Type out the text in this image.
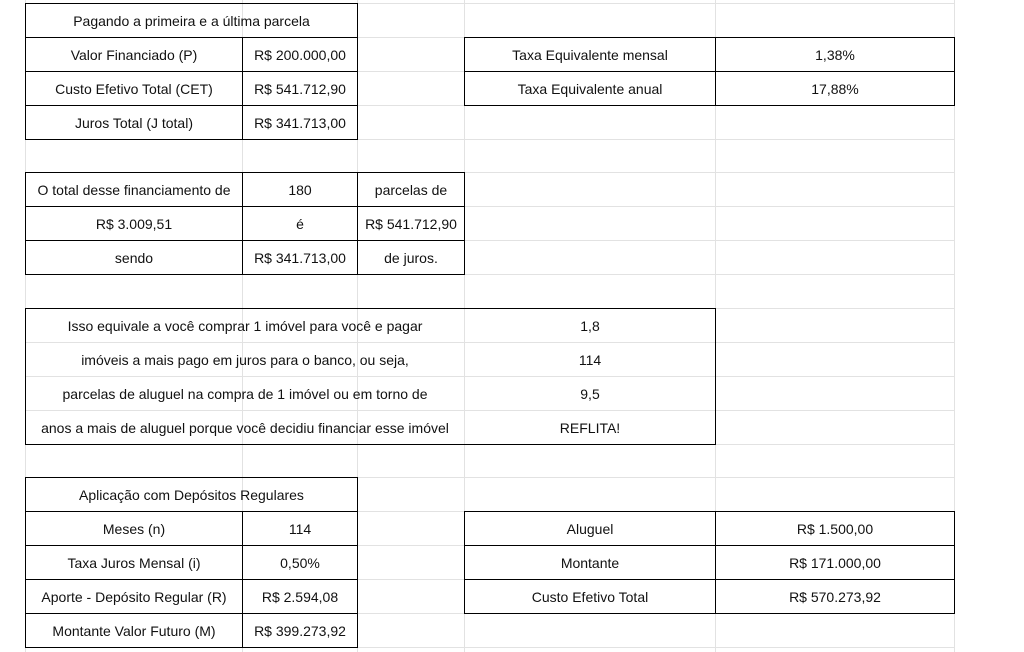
Pagando a primeira e a última parcela
Valor Financiado (P)	R$ 200.000,00
Custo Efetivo Total (CET)	R$ 541.712,90
Juros Total (J total)	R$ 341.713,00
Taxa Equivalente mensal	1,38%
Taxa Equivalente anual	17,88%
O total desse financiamento de	180	parcelas de
R$ 3.009,51	é	R$ 541.712,90
sendo	R$ 341.713,00	de juros.
Isso equivale a você comprar 1 imóvel para você e pagar	1,8
imóveis a mais pago em juros para o banco, ou seja,	114
parcelas de aluguel na compra de 1 imóvel ou em torno de	9,5
anos a mais de aluguel porque você decidiu financiar esse imóvel	REFLITA!
Aplicação com Depósitos Regulares
Meses (n)	114
Taxa Juros Mensal (i)	0,50%
Aporte - Depósito Regular (R)	R$ 2.594,08
Montante Valor Futuro (M)	R$ 399.273,92
Aluguel	R$ 1.500,00
Montante	R$ 171.000,00
Custo Efetivo Total	R$ 570.273,92
